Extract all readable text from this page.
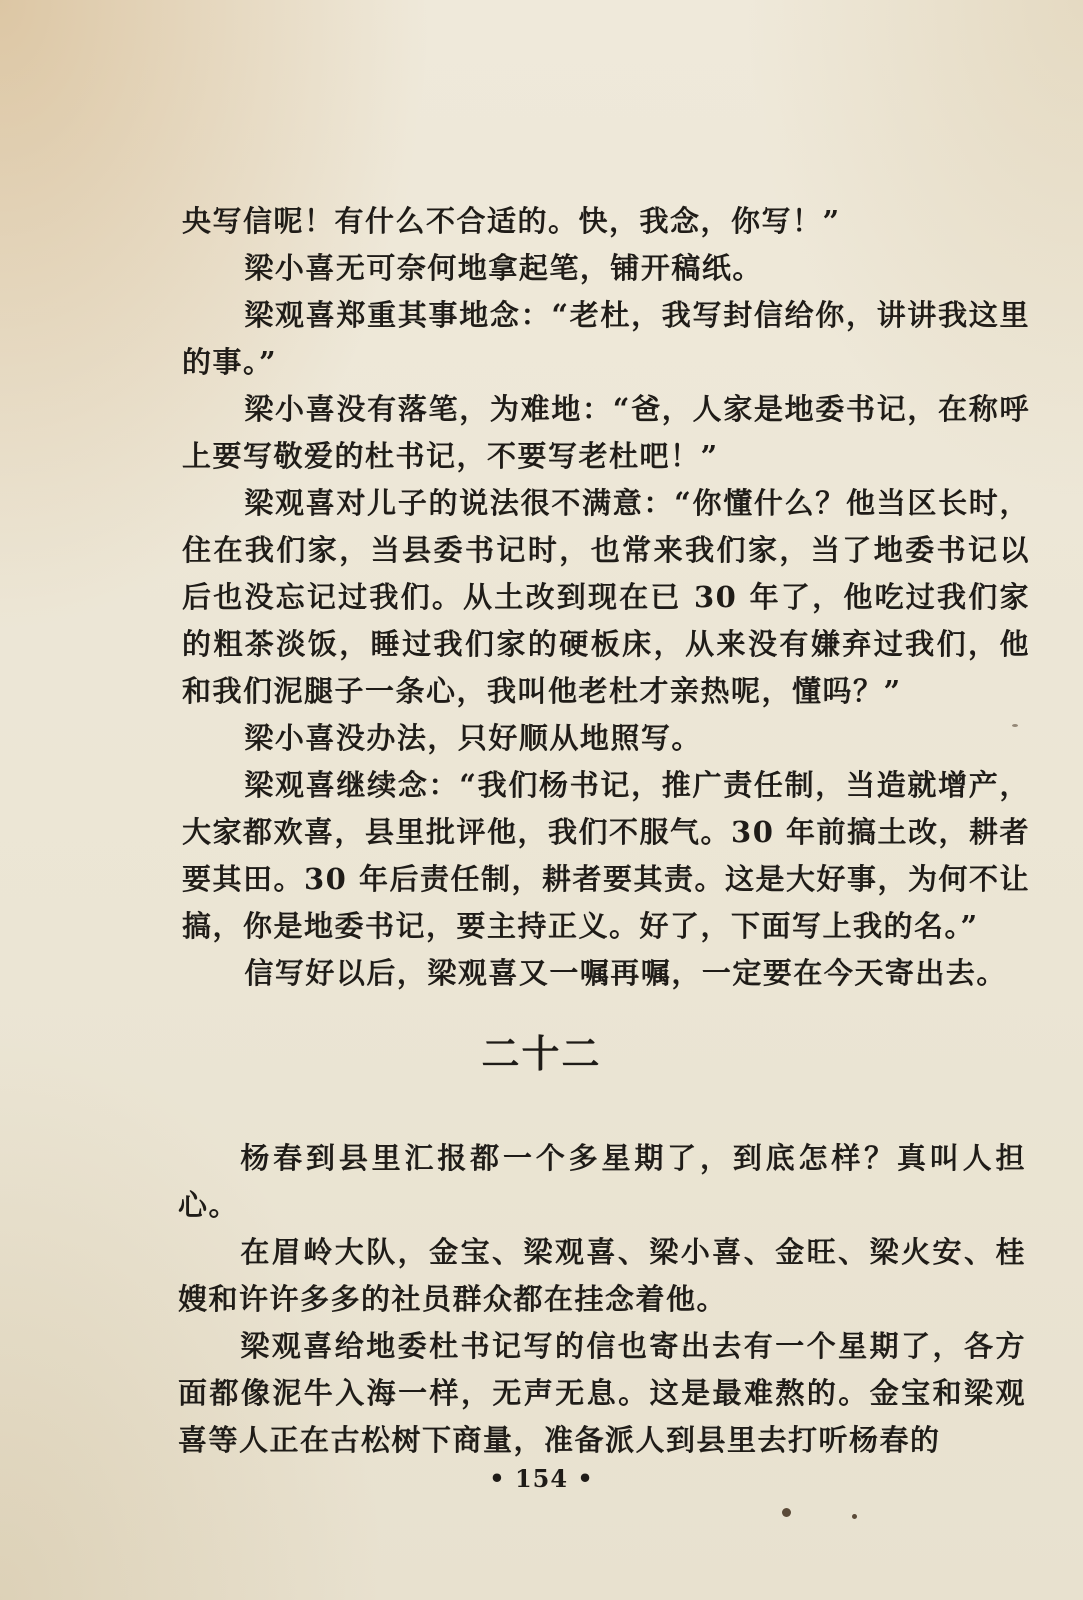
央写信呢！有什么不合适的。快，我念，你写！”

梁小喜无可奈何地拿起笔，铺开稿纸。

梁观喜郑重其事地念：“老杜，我写封信给你，讲讲我这里的事。”

梁小喜没有落笔，为难地：“爸，人家是地委书记，在称呼上要写敬爱的杜书记，不要写老杜吧！”

梁观喜对儿子的说法很不满意：“你懂什么？他当区长时，住在我们家，当县委书记时，也常来我们家，当了地委书记以后也没忘记过我们。从土改到现在已 30 年了，他吃过我们家的粗茶淡饭，睡过我们家的硬板床，从来没有嫌弃过我们，他和我们泥腿子一条心，我叫他老杜才亲热呢，懂吗？”

梁小喜没办法，只好顺从地照写。

梁观喜继续念：“我们杨书记，推广责任制，当造就增产，大家都欢喜，县里批评他，我们不服气。30 年前搞土改，耕者要其田。30 年后责任制，耕者要其责。这是大好事，为何不让搞，你是地委书记，要主持正义。好了，下面写上我的名。”

信写好以后，梁观喜又一嘱再嘱，一定要在今天寄出去。

二十二

杨春到县里汇报都一个多星期了，到底怎样？真叫人担心。

在眉岭大队，金宝、梁观喜、梁小喜、金旺、梁火安、桂嫂和许许多多的社员群众都在挂念着他。

梁观喜给地委杜书记写的信也寄出去有一个星期了，各方面都像泥牛入海一样，无声无息。这是最难熬的。金宝和梁观喜等人正在古松树下商量，准备派人到县里去打听杨春的

• 154 •
